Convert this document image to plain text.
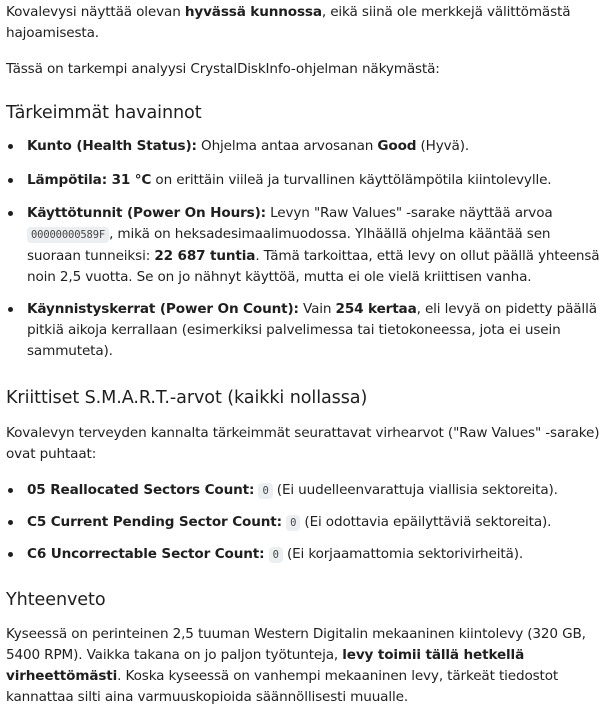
Kovalevysi näyttää olevan hyvässä kunnossa, eikä siinä ole merkkejä välittömästä hajoamisesta.

Tässä on tarkempi analyysi CrystalDiskInfo-ohjelman näkymästä:

Tärkeimmät havainnot
Kunto (Health Status): Ohjelma antaa arvosanan Good (Hyvä).
Lämpötila: 31 °C on erittäin viileä ja turvallinen käyttölämpötila kiintolevylle.
Käyttötunnit (Power On Hours): Levyn "Raw Values" -sarake näyttää arvoa 00000000589F , mikä on heksadesimaalimuodossa. Ylhäällä ohjelma kääntää sen suoraan tunneiksi: 22 687 tuntia. Tämä tarkoittaa, että levy on ollut päällä yhteensä noin 2,5 vuotta. Se on jo nähnyt käyttöä, mutta ei ole vielä kriittisen vanha.
Käynnistyskerrat (Power On Count): Vain 254 kertaa, eli levyä on pidetty päällä pitkiä aikoja kerrallaan (esimerkiksi palvelimessa tai tietokoneessa, jota ei usein sammuteta).
Kriittiset S.M.A.R.T.-arvot (kaikki nollassa)

Kovalevyn terveyden kannalta tärkeimmät seurattavat virhearvot ("Raw Values" -sarake) ovat puhtaat:

05 Reallocated Sectors Count: 0 (Ei uudelleenvarattuja viallisia sektoreita).
C5 Current Pending Sector Count: 0 (Ei odottavia epäilyttäviä sektoreita).
C6 Uncorrectable Sector Count: 0 (Ei korjaamattomia sektorivirheitä).
Yhteenveto

Kyseessä on perinteinen 2,5 tuuman Western Digitalin mekaaninen kiintolevy (320 GB, 5400 RPM). Vaikka takana on jo paljon työtunteja, levy toimii tällä hetkellä virheettömästi. Koska kyseessä on vanhempi mekaaninen levy, tärkeät tiedostot kannattaa silti aina varmuuskopioida säännöllisesti muualle.
